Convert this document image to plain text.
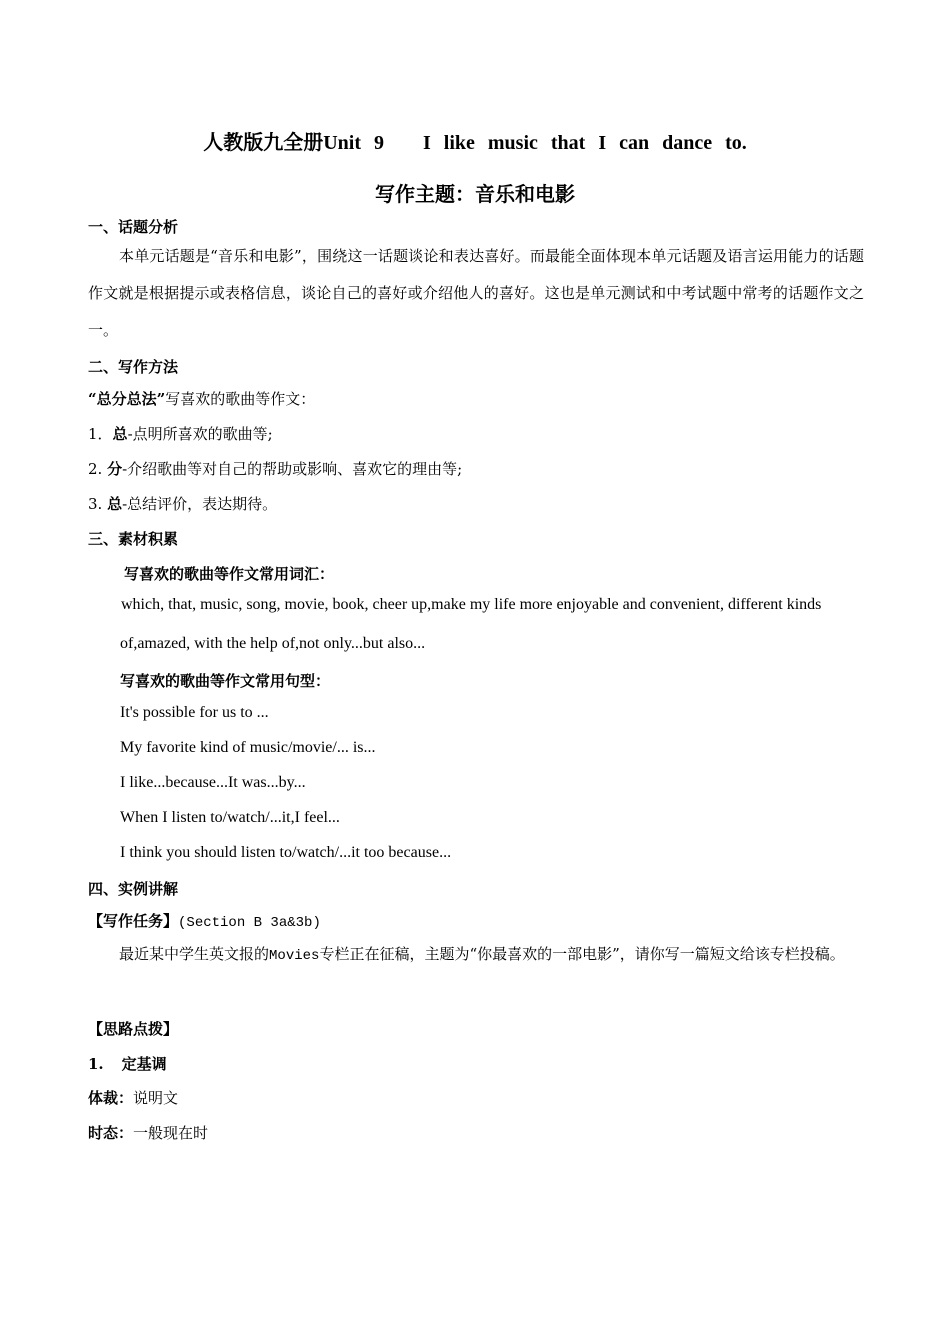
人教版九全册Unit 9   I like music that I can dance to.
写作主题：音乐和电影
一、话题分析
本单元话题是“音乐和电影”，围绕这一话题谈论和表达喜好。而最能全面体现本单元话题及语言运用能力的话题作文就是根据提示或表格信息，谈论自己的喜好或介绍他人的喜好。这也是单元测试和中考试题中常考的话题作文之一。
二、写作方法
“总分总法”写喜欢的歌曲等作文：
1．总-点明所喜欢的歌曲等;
2. 分-介绍歌曲等对自己的帮助或影响、喜欢它的理由等;
3. 总-总结评价，表达期待。
三、素材积累
写喜欢的歌曲等作文常用词汇：
which, that, music, song, movie, book, cheer up,make my life more enjoyable and convenient, different kinds
of,amazed, with the help of,not only...but also...
写喜欢的歌曲等作文常用句型：
It's possible for us to ...
My favorite kind of music/movie/... is...
I like...because...It was...by...
When I listen to/watch/...it,I feel...
I think you should listen to/watch/...it too because...
四、实例讲解
【写作任务】(Section B 3a&3b)
最近某中学生英文报的Movies专栏正在征稿，主题为“你最喜欢的一部电影”，请你写一篇短文给该专栏投稿。
【思路点拨】
1. 定基调
体裁：说明文
时态：一般现在时
